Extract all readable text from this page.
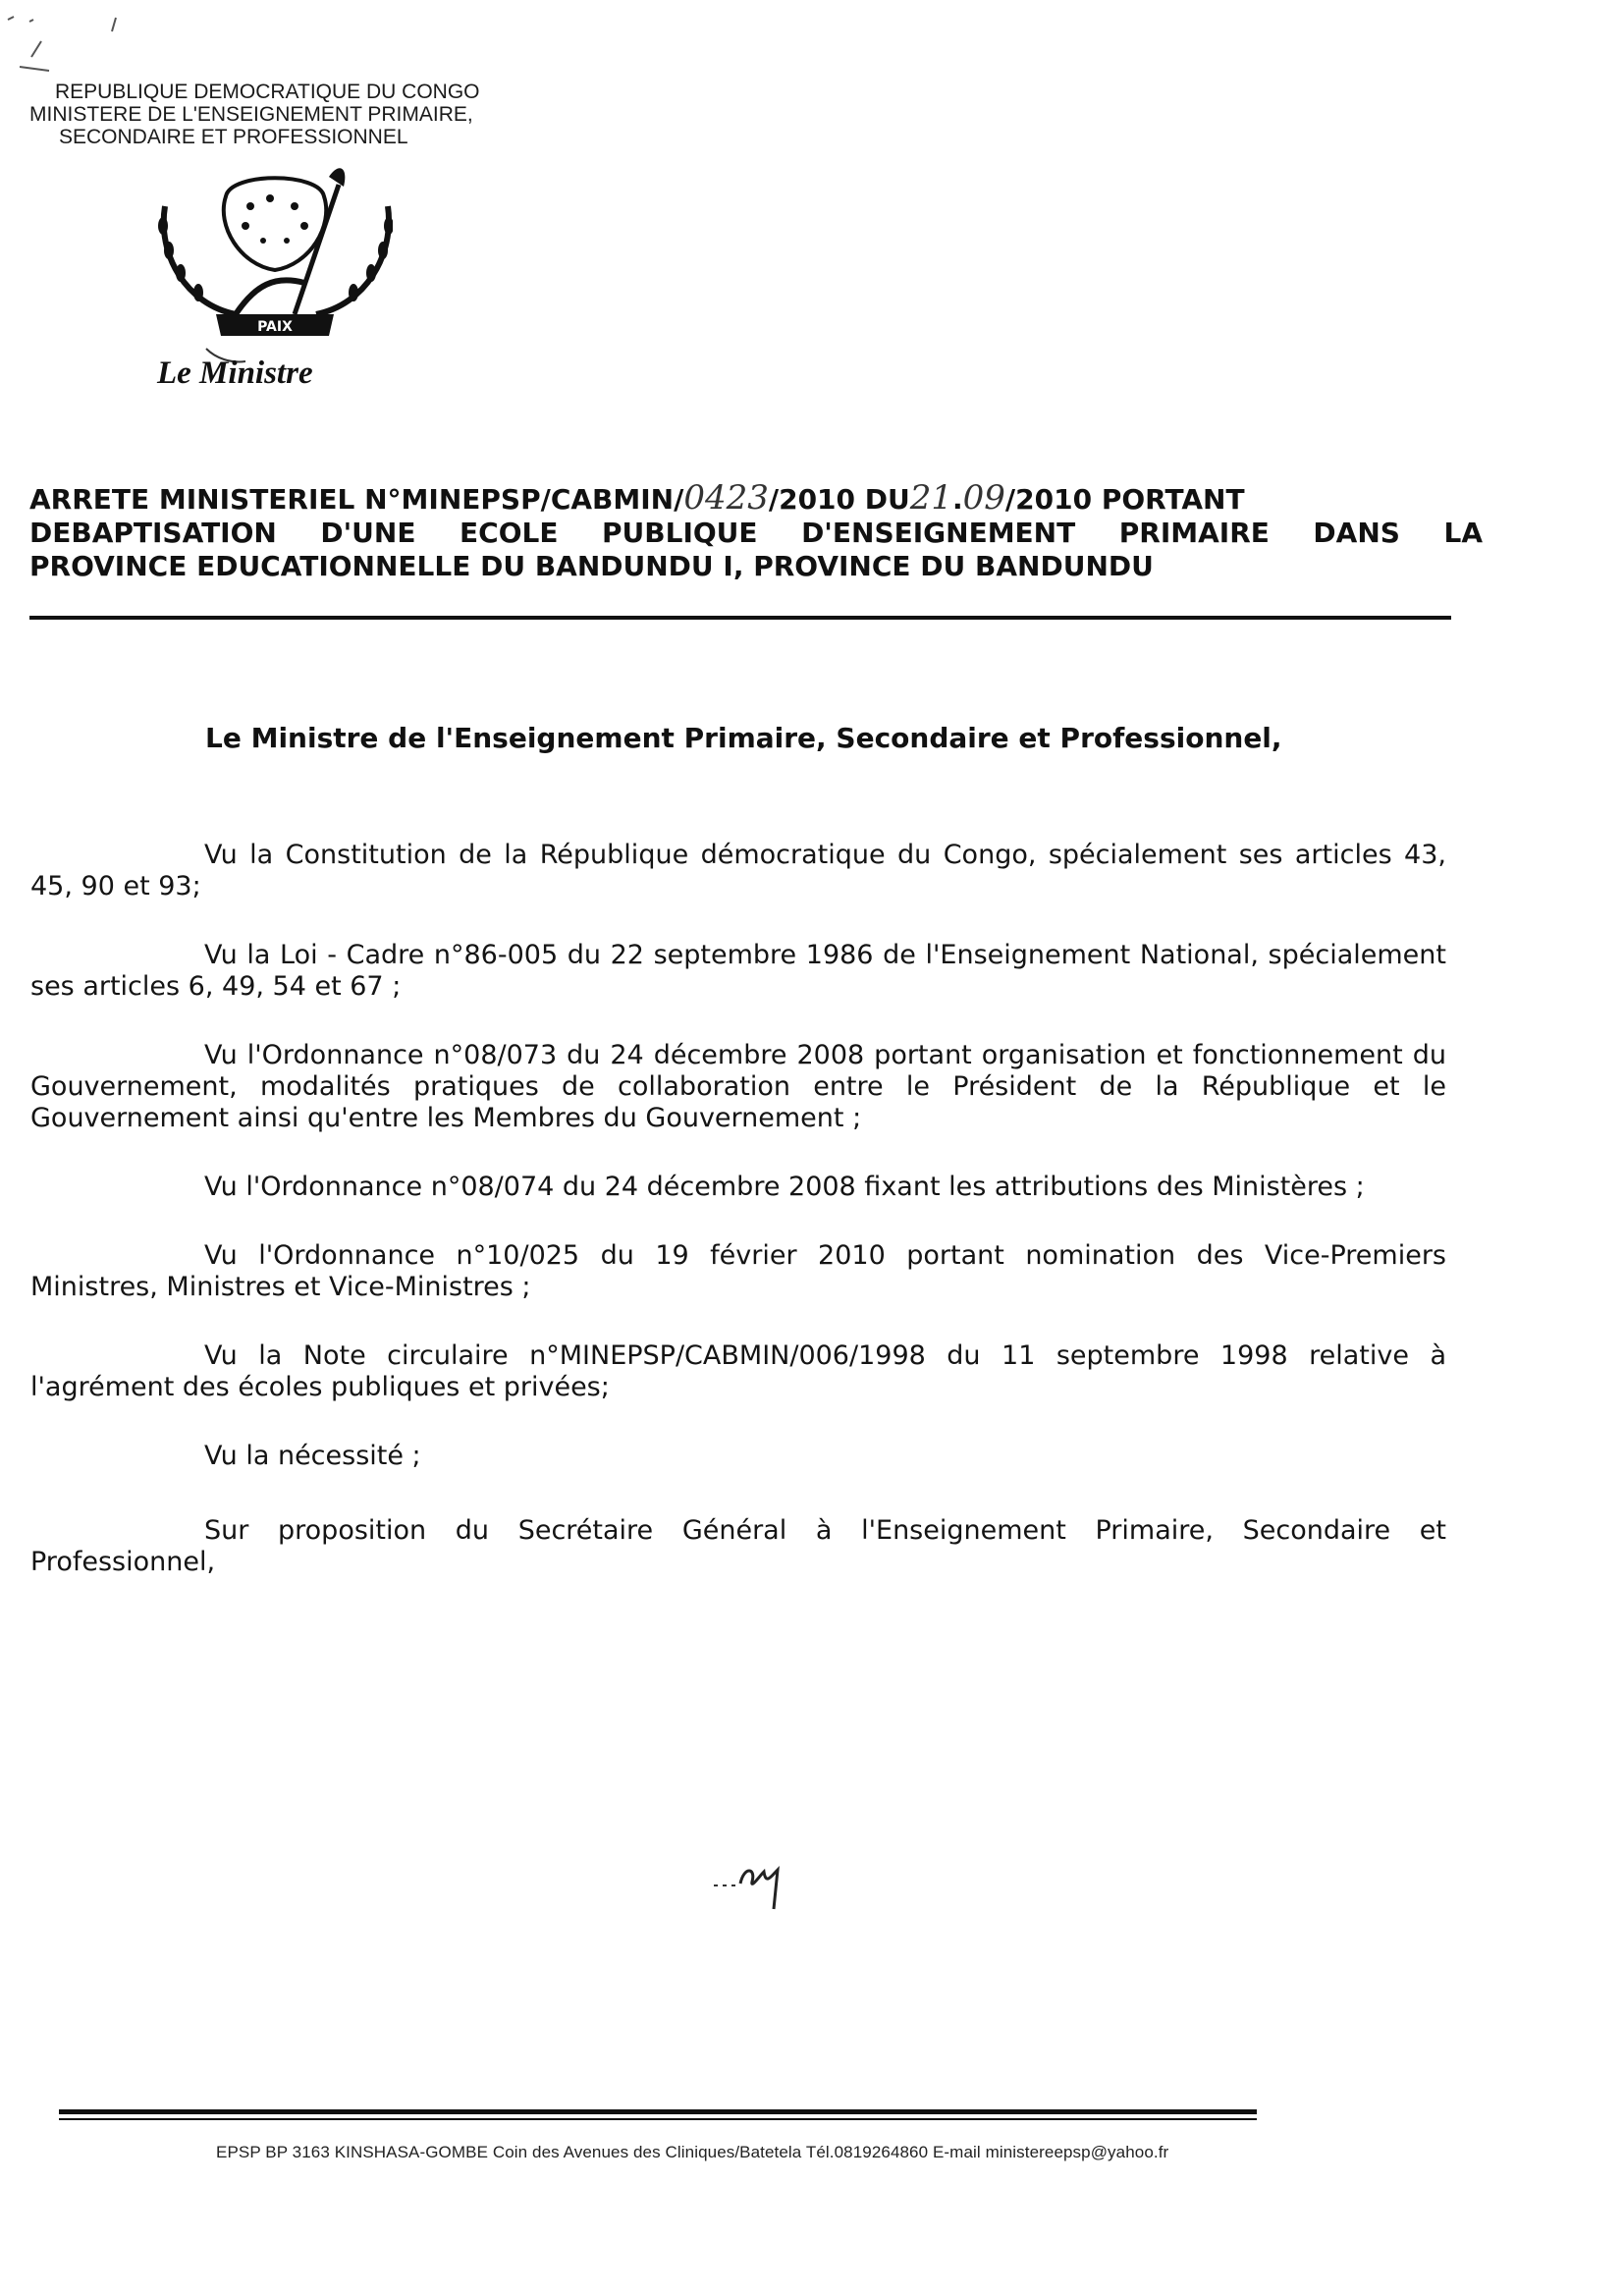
REPUBLIQUE DEMOCRATIQUE DU CONGO
MINISTERE DE L'ENSEIGNEMENT PRIMAIRE,
SECONDAIRE ET PROFESSIONNEL
PAIX
Le Ministre
ARRETE MINISTERIEL N°MINEPSP/CABMIN/0423/2010 DU21.09/2010 PORTANT
DEBAPTISATION D'UNE ECOLE PUBLIQUE D'ENSEIGNEMENT PRIMAIRE DANS LA
PROVINCE EDUCATIONNELLE DU BANDUNDU I, PROVINCE DU BANDUNDU
Le Ministre de l'Enseignement Primaire, Secondaire et Professionnel,

Vu la Constitution de la République démocratique du Congo, spécialement ses articles 43, 45, 90 et 93;

Vu la Loi - Cadre n°86-005 du 22 septembre 1986 de l'Enseignement National, spécialement ses articles 6, 49, 54 et 67 ;

Vu l'Ordonnance n°08/073 du 24 décembre 2008 portant organisation et fonctionnement du Gouvernement, modalités pratiques de collaboration entre le Président de la République et le Gouvernement ainsi qu'entre les Membres du Gouvernement ;

Vu l'Ordonnance n°08/074 du 24 décembre 2008 fixant les attributions des Ministères ;

Vu l'Ordonnance n°10/025 du 19 février 2010 portant nomination des Vice-Premiers Ministres, Ministres et Vice-Ministres ;

Vu la Note circulaire n°MINEPSP/CABMIN/006/1998 du 11 septembre 1998 relative à l'agrément des écoles publiques et privées;

Vu la nécessité ;

Sur proposition du Secrétaire Général à l'Enseignement Primaire, Secondaire et Professionnel,

EPSP BP 3163 KINSHASA-GOMBE Coin des Avenues des Cliniques/Batetela Tél.0819264860 E-mail ministereepsp@yahoo.fr
